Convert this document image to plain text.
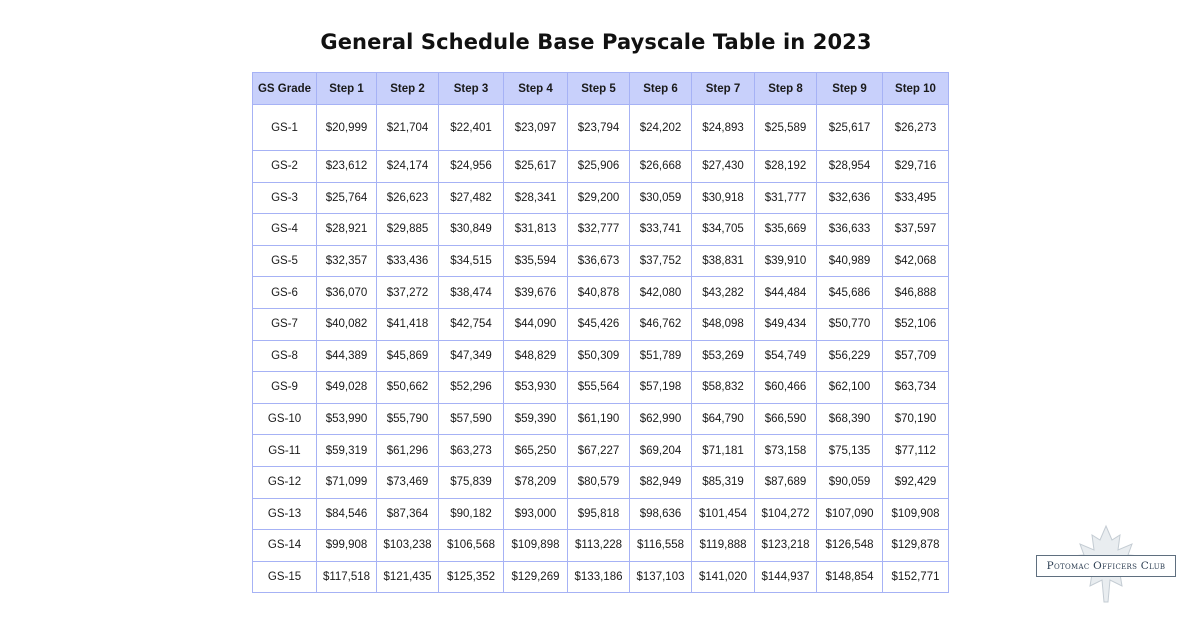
General Schedule Base Payscale Table in 2023
GS Grade	Step 1	Step 2	Step 3	Step 4	Step 5	Step 6	Step 7	Step 8	Step 9	Step 10
GS-1	$20,999	$21,704	$22,401	$23,097	$23,794	$24,202	$24,893	$25,589	$25,617	$26,273
GS-2	$23,612	$24,174	$24,956	$25,617	$25,906	$26,668	$27,430	$28,192	$28,954	$29,716
GS-3	$25,764	$26,623	$27,482	$28,341	$29,200	$30,059	$30,918	$31,777	$32,636	$33,495
GS-4	$28,921	$29,885	$30,849	$31,813	$32,777	$33,741	$34,705	$35,669	$36,633	$37,597
GS-5	$32,357	$33,436	$34,515	$35,594	$36,673	$37,752	$38,831	$39,910	$40,989	$42,068
GS-6	$36,070	$37,272	$38,474	$39,676	$40,878	$42,080	$43,282	$44,484	$45,686	$46,888
GS-7	$40,082	$41,418	$42,754	$44,090	$45,426	$46,762	$48,098	$49,434	$50,770	$52,106
GS-8	$44,389	$45,869	$47,349	$48,829	$50,309	$51,789	$53,269	$54,749	$56,229	$57,709
GS-9	$49,028	$50,662	$52,296	$53,930	$55,564	$57,198	$58,832	$60,466	$62,100	$63,734
GS-10	$53,990	$55,790	$57,590	$59,390	$61,190	$62,990	$64,790	$66,590	$68,390	$70,190
GS-11	$59,319	$61,296	$63,273	$65,250	$67,227	$69,204	$71,181	$73,158	$75,135	$77,112
GS-12	$71,099	$73,469	$75,839	$78,209	$80,579	$82,949	$85,319	$87,689	$90,059	$92,429
GS-13	$84,546	$87,364	$90,182	$93,000	$95,818	$98,636	$101,454	$104,272	$107,090	$109,908
GS-14	$99,908	$103,238	$106,568	$109,898	$113,228	$116,558	$119,888	$123,218	$126,548	$129,878
GS-15	$117,518	$121,435	$125,352	$129,269	$133,186	$137,103	$141,020	$144,937	$148,854	$152,771
Potomac Officers Club
